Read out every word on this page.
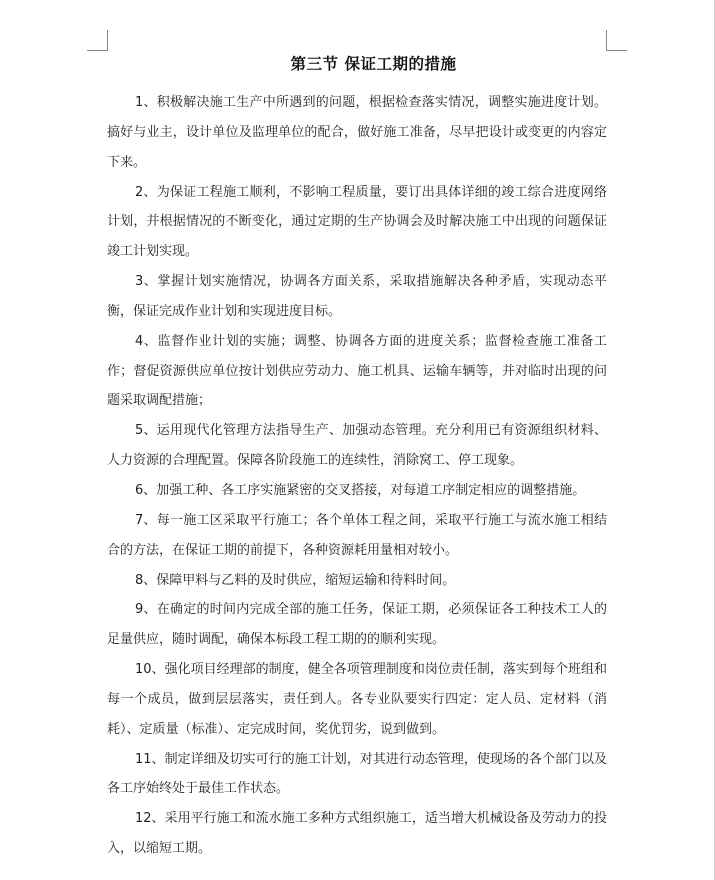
第三节 保证工期的措施

1、积极解决施工生产中所遇到的问题，根据检查落实情况，调整实施进度计划。搞好与业主，设计单位及监理单位的配合，做好施工准备，尽早把设计或变更的内容定下来。

2、为保证工程施工顺利，不影响工程质量，要订出具体详细的竣工综合进度网络计划，并根据情况的不断变化，通过定期的生产协调会及时解决施工中出现的问题保证竣工计划实现。

3、掌握计划实施情况，协调各方面关系，采取措施解决各种矛盾，实现动态平衡，保证完成作业计划和实现进度目标。

4、监督作业计划的实施；调整、协调各方面的进度关系；监督检查施工准备工作；督促资源供应单位按计划供应劳动力、施工机具、运输车辆等，并对临时出现的问题采取调配措施；

5、运用现代化管理方法指导生产、加强动态管理。充分利用已有资源组织材料、人力资源的合理配置。保障各阶段施工的连续性，消除窝工、停工现象。

6、加强工种、各工序实施紧密的交叉搭接，对每道工序制定相应的调整措施。

7、每一施工区采取平行施工；各个单体工程之间，采取平行施工与流水施工相结合的方法，在保证工期的前提下，各种资源耗用量相对较小。

8、保障甲料与乙料的及时供应，缩短运输和待料时间。

9、在确定的时间内完成全部的施工任务，保证工期，必须保证各工种技术工人的足量供应，随时调配，确保本标段工程工期的的顺利实现。

10、强化项目经理部的制度，健全各项管理制度和岗位责任制，落实到每个班组和每一个成员，做到层层落实，责任到人。各专业队要实行四定：定人员、定材料（消耗）、定质量（标准）、定完成时间，奖优罚劣，说到做到。

11、制定详细及切实可行的施工计划，对其进行动态管理，使现场的各个部门以及各工序始终处于最佳工作状态。

12、采用平行施工和流水施工多种方式组织施工，适当增大机械设备及劳动力的投入，以缩短工期。
